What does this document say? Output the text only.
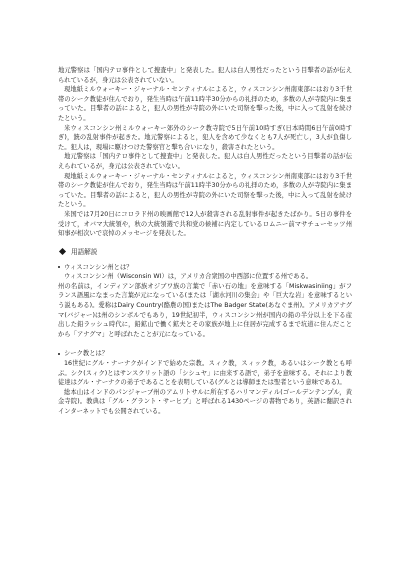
地元警察は「国内テロ事件として捜査中」と発表した。犯人は白人男性だったという目撃者の話が伝えられているが，身元は公表されていない。

現地紙ミルウォーキー・ジャーナル・センティナルによると，ウィスコンシン州南東部にはおり3千世帯のシーク教徒が住んでおり，発生当時は午前11時半30分からの礼拝のため，多数の人が寺院内に集まっていた。目撃者の話によると，犯人の男性が寺院の外にいた司祭を撃った後，中に入って乱射を続けたという。

米ウィスコンシン州ミルウォーキー郊外のシーク教寺院で5日午前10時すぎ(日本時間6日午前0時すぎ)，銃の乱射事件が起きた。地元警察によると，犯人を含めて少なくとも7人が死亡し，3人が負傷した。犯人は，現場に駆けつけた警察官と撃ち合いになり，殺害されたという。

地元警察は「国内テロ事件として捜査中」と発表した。犯人は白人男性だったという目撃者の話が伝えられているが，身元は公表されていない。

現地紙ミルウォーキー・ジャーナル・センティナルによると，ウィスコンシン州南東部にはおり3千世帯のシーク教徒が住んでおり，発生当時は午前11時半30分からの礼拝のため，多数の人が寺院内に集まっていた。目撃者の話によると，犯人の男性が寺院の外にいた司祭を撃った後，中に入って乱射を続けたという。

米国では7月20日にコロラド州の映画館で12人が殺害される乱射事件が起きたばかり。5日の事件を受けて，オバマ大統領や，秋の大統領選で共和党の候補に内定しているロムニー前マサチューセッツ州知事が相次いで哀悼のメッセージを発表した。

用語解説
ウィスコンシン州とは？

ウィスコンシン州（Wisconsin WI）は，アメリカ合衆国の中西部に位置する州である。

州の名前は，インディアン部族オジブワ族の言葉で「赤い石の地」を意味する「Miskwasiniing」がフランス語風になまった言葉が元になっている(または「湖水河川の集会」や「巨大な岩」を意味するという説もある)。愛称はDairy Country(酪農の国)またはThe Badger State(あなぐま州)。アメリカアナグマ(バジャー)は州のシンボルでもあり，19世紀初半，ウィスコンシン州が国内の鉛の半分以上を下る産出した鉛ラッシュ時代に，鉛鉱山で働く鉱夫とその家族が地上に住居が完成するまで坑道に住んだことから「アナグマ」と呼ばれたことが元になっている。

シーク教とは？

16世紀にグル・ナーナクがインドで始めた宗教。スィク教，スィック教，あるいはシーク教とも呼ぶ。シク(スィク)とはサンスクリット語の「シシュヤ」に由来する語で，弟子を意味する。それにより教徒達はグル・ナーナクの弟子であることを表明している(グルとは導師または聖者という意味である)。

総本山はインドのパンジャーブ州のアムリトサルに所在するハリマンディル(ゴールデンテンプル，黄金寺院)。教典は「グル・グラント・サーヒブ」と呼ばれる1430ページの書物であり，英語に翻訳されインターネットでも公開されている。
